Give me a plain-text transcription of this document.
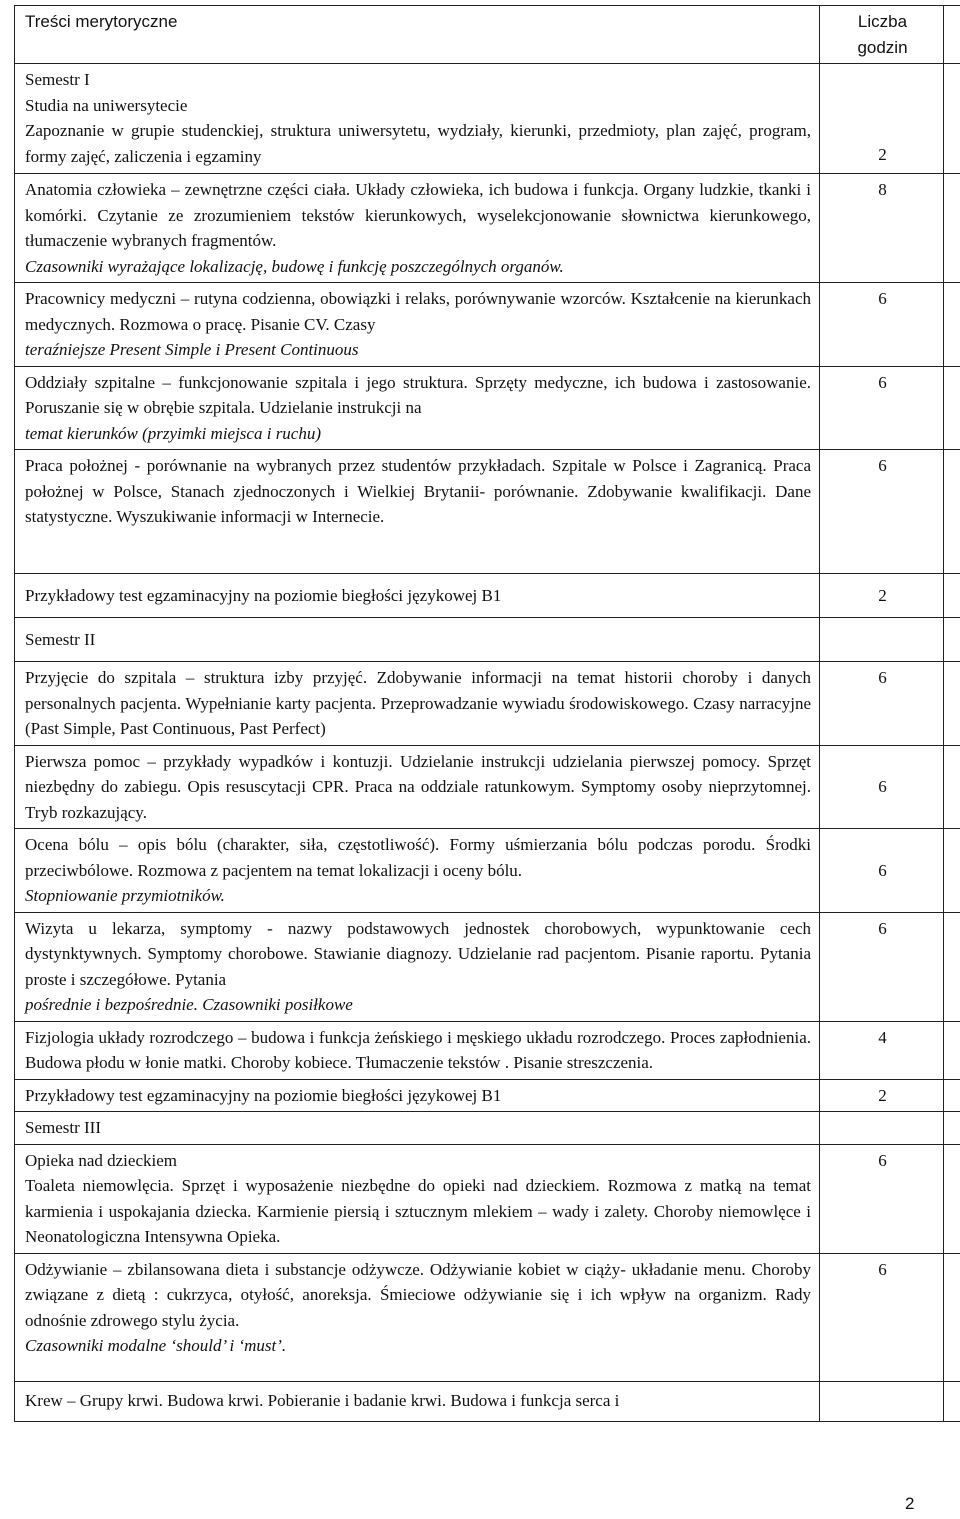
Treści merytoryczne	Liczba
godzin	

Semestr I
Studia na uniwersytecie
Zapoznanie w grupie studenckiej, struktura uniwersytetu, wydziały, kierunki, przedmioty, plan zajęć, program, formy zajęć, zaliczenia i egzaminy	2	
Anatomia człowieka – zewnętrzne części ciała. Układy człowieka, ich budowa i funkcja. Organy ludzkie, tkanki i komórki. Czytanie ze zrozumieniem tekstów kierunkowych, wyselekcjonowanie słownictwa kierunkowego, tłumaczenie wybranych fragmentów.
Czasowniki wyrażające lokalizację, budowę i funkcję poszczególnych organów.	8	
Pracownicy medyczni – rutyna codzienna, obowiązki i relaks, porównywanie wzorców. Kształcenie na kierunkach medycznych. Rozmowa o pracę. Pisanie CV. Czasy
teraźniejsze Present Simple i Present Continuous	6	
Oddziały szpitalne – funkcjonowanie szpitala i jego struktura. Sprzęty medyczne, ich budowa i zastosowanie. Poruszanie się w obrębie szpitala. Udzielanie instrukcji na
temat kierunków (przyimki miejsca i ruchu)	6	
Praca położnej - porównanie na wybranych przez studentów przykładach. Szpitale w Polsce i Zagranicą. Praca położnej w Polsce, Stanach zjednoczonych i Wielkiej Brytanii- porównanie. Zdobywanie kwalifikacji. Dane statystyczne. Wyszukiwanie informacji w Internecie.	6	
Przykładowy test egzaminacyjny na poziomie biegłości językowej B1	2	
Semestr II		
Przyjęcie do szpitala – struktura izby przyjęć. Zdobywanie informacji na temat historii choroby i danych personalnych pacjenta. Wypełnianie karty pacjenta. Przeprowadzanie wywiadu środowiskowego. Czasy narracyjne (Past Simple, Past Continuous, Past Perfect)	6	
Pierwsza pomoc – przykłady wypadków i kontuzji. Udzielanie instrukcji udzielania pierwszej pomocy. Sprzęt niezbędny do zabiegu. Opis resuscytacji CPR. Praca na oddziale ratunkowym. Symptomy osoby nieprzytomnej. Tryb rozkazujący.	6	
Ocena bólu – opis bólu (charakter, siła, częstotliwość). Formy uśmierzania bólu podczas porodu. Środki przeciwbólowe. Rozmowa z pacjentem na temat lokalizacji i oceny bólu.
Stopniowanie przymiotników.	6	
Wizyta u lekarza, symptomy - nazwy podstawowych jednostek chorobowych, wypunktowanie cech dystynktywnych. Symptomy chorobowe. Stawianie diagnozy. Udzielanie rad pacjentom. Pisanie raportu. Pytania proste i szczegółowe. Pytania
pośrednie i bezpośrednie. Czasowniki posiłkowe	6	
Fizjologia układy rozrodczego – budowa i funkcja żeńskiego i męskiego układu rozrodczego. Proces zapłodnienia. Budowa płodu w łonie matki. Choroby kobiece. Tłumaczenie tekstów . Pisanie streszczenia.	4	
Przykładowy test egzaminacyjny na poziomie biegłości językowej B1	2	
Semestr III		

Opieka nad dzieckiem
Toaleta niemowlęcia. Sprzęt i wyposażenie niezbędne do opieki nad dzieckiem. Rozmowa z matką na temat karmienia i uspokajania dziecka. Karmienie piersią i sztucznym mlekiem – wady i zalety. Choroby niemowlęce i Neonatologiczna Intensywna Opieka.	6	
Odżywianie – zbilansowana dieta i substancje odżywcze. Odżywianie kobiet w ciąży- układanie menu. Choroby związane z dietą : cukrzyca, otyłość, anoreksja. Śmieciowe odżywianie się i ich wpływ na organizm. Rady odnośnie zdrowego stylu życia.
Czasowniki modalne ‘should’ i ‘must’.	6	
Krew – Grupy krwi. Budowa krwi. Pobieranie i badanie krwi. Budowa i funkcja serca i		
2
